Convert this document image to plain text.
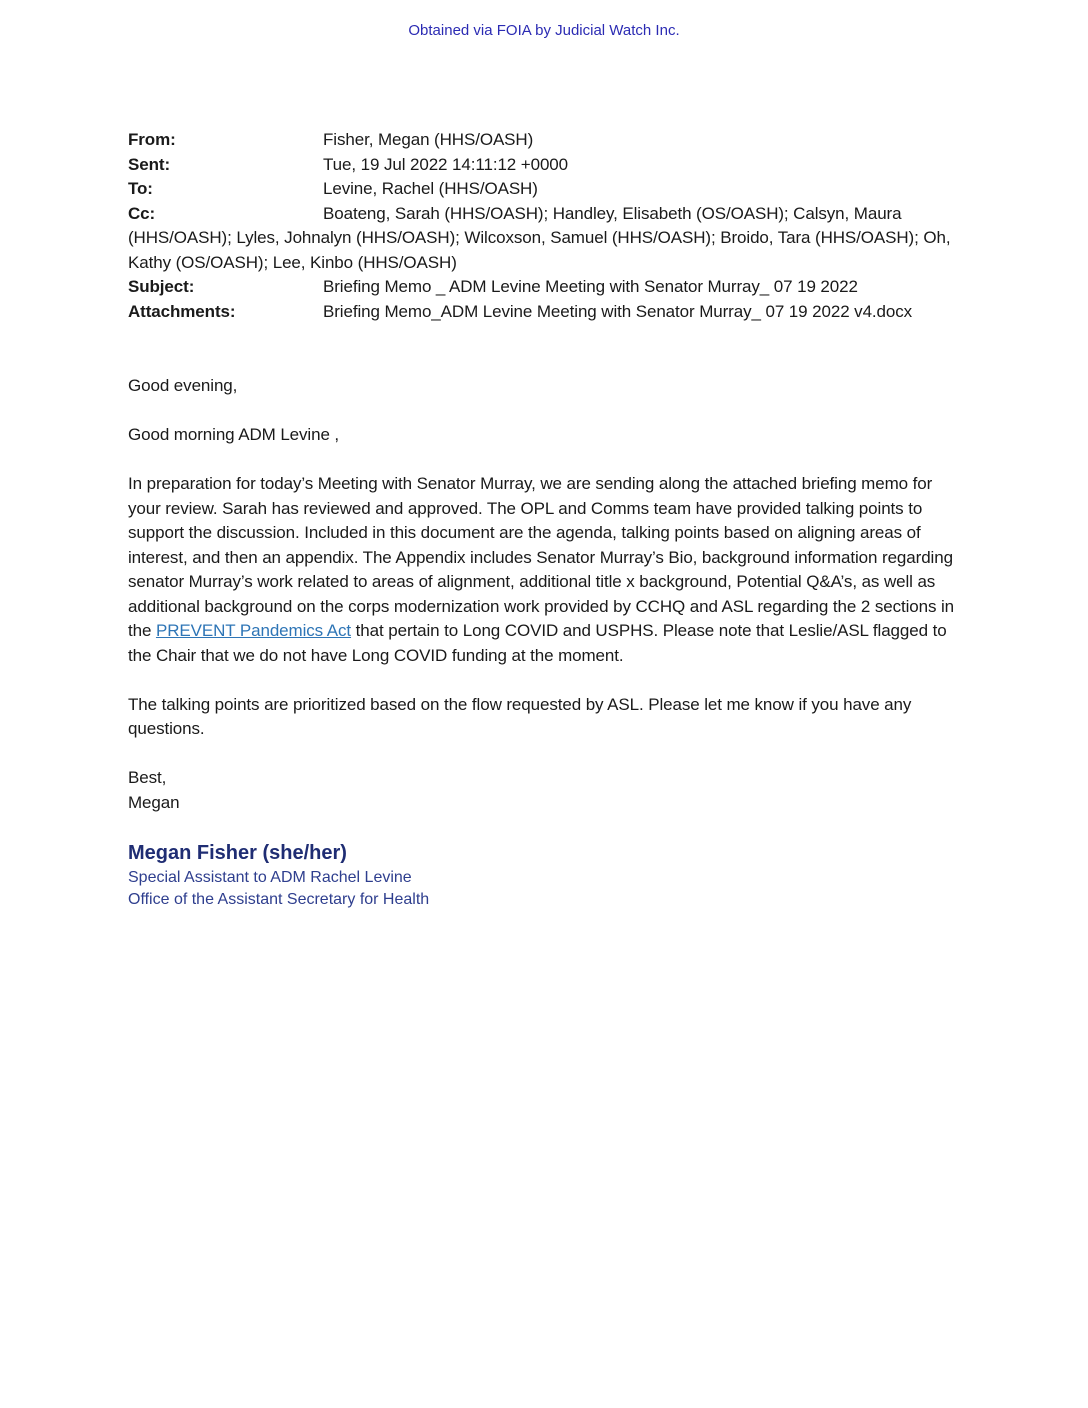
Obtained via FOIA by Judicial Watch Inc.
From:	Fisher, Megan (HHS/OASH)
Sent:	Tue, 19 Jul 2022 14:11:12 +0000
To:	Levine, Rachel (HHS/OASH)
Cc:	Boateng, Sarah (HHS/OASH); Handley, Elisabeth (OS/OASH); Calsyn, Maura (HHS/OASH); Lyles, Johnalyn (HHS/OASH); Wilcoxson, Samuel (HHS/OASH); Broido, Tara (HHS/OASH); Oh, Kathy (OS/OASH); Lee, Kinbo (HHS/OASH)
Subject:	Briefing Memo _ ADM Levine Meeting with Senator Murray_ 07 19 2022
Attachments:	Briefing Memo_ADM Levine Meeting with Senator Murray_ 07 19 2022 v4.docx

Good evening,

Good morning ADM Levine ,

In preparation for today’s Meeting with Senator Murray, we are sending along the attached briefing memo for your review. Sarah has reviewed and approved. The OPL and Comms team have provided talking points to support the discussion. Included in this document are the agenda, talking points based on aligning areas of interest, and then an appendix. The Appendix includes Senator Murray’s Bio, background information regarding senator Murray’s work related to areas of alignment, additional title x background, Potential Q&A’s, as well as additional background on the corps modernization work provided by CCHQ and ASL regarding the 2 sections in the PREVENT Pandemics Act that pertain to Long COVID and USPHS. Please note that Leslie/ASL flagged to the Chair that we do not have Long COVID funding at the moment.

The talking points are prioritized based on the flow requested by ASL. Please let me know if you have any questions.

Best,

Megan

Megan Fisher (she/her)

Special Assistant to ADM Rachel Levine

Office of the Assistant Secretary for Health
